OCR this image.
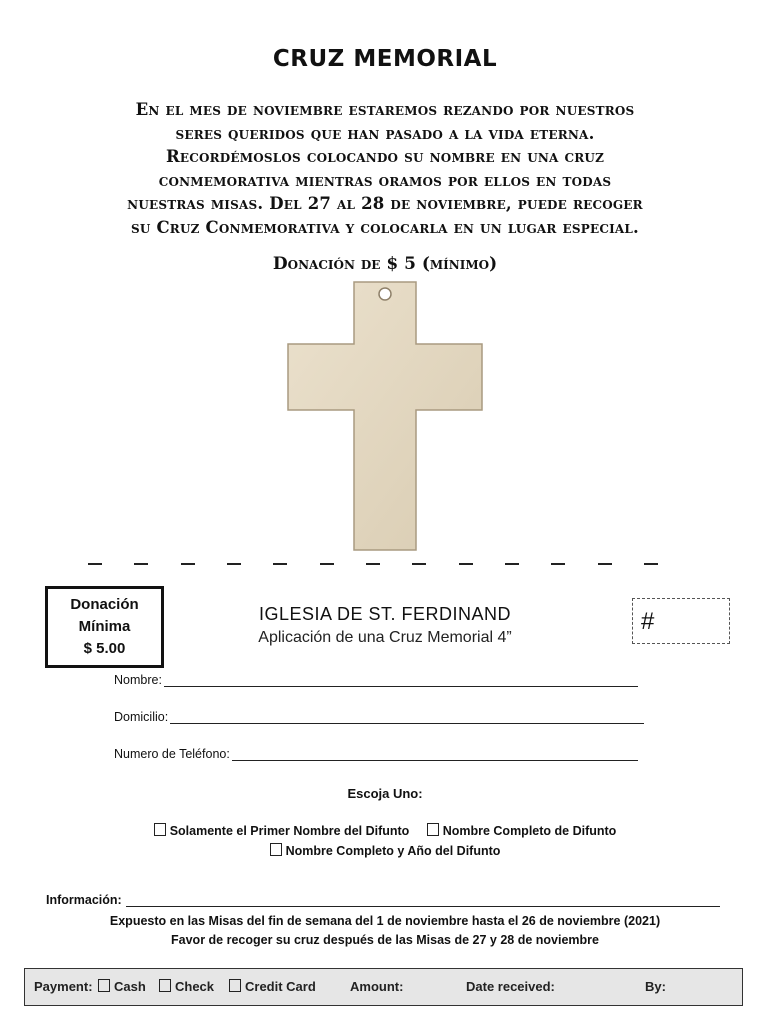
CRUZ MEMORIAL
En el mes de noviembre estaremos rezando por nuestros
seres queridos que han pasado a la vida eterna.
Recordémoslos colocando su nombre en una cruz
conmemorativa mientras oramos por ellos en todas
nuestras misas. Del 27 al 28 de noviembre, puede recoger
su Cruz Conmemorativa y colocarla en un lugar especial.
Donación de $ 5 (mínimo)
Donación
Mínima
$ 5.00
IGLESIA DE ST. FERDINAND
Aplicación de una Cruz Memorial 4”
#
Nombre:
Domicilio:
Numero de Teléfono:
Escoja Uno:
Solamente el Primer Nombre del Difunto	Nombre Completo de Difunto
Nombre Completo y Año del Difunto
Información:
Expuesto en las Misas del fin de semana del 1 de noviembre hasta el 26 de noviembre (2021)
Favor de recoger su cruz después de las Misas de 27 y 28 de noviembre
Payment:	Cash	Check	Credit Card	Amount:	Date received:	By:
